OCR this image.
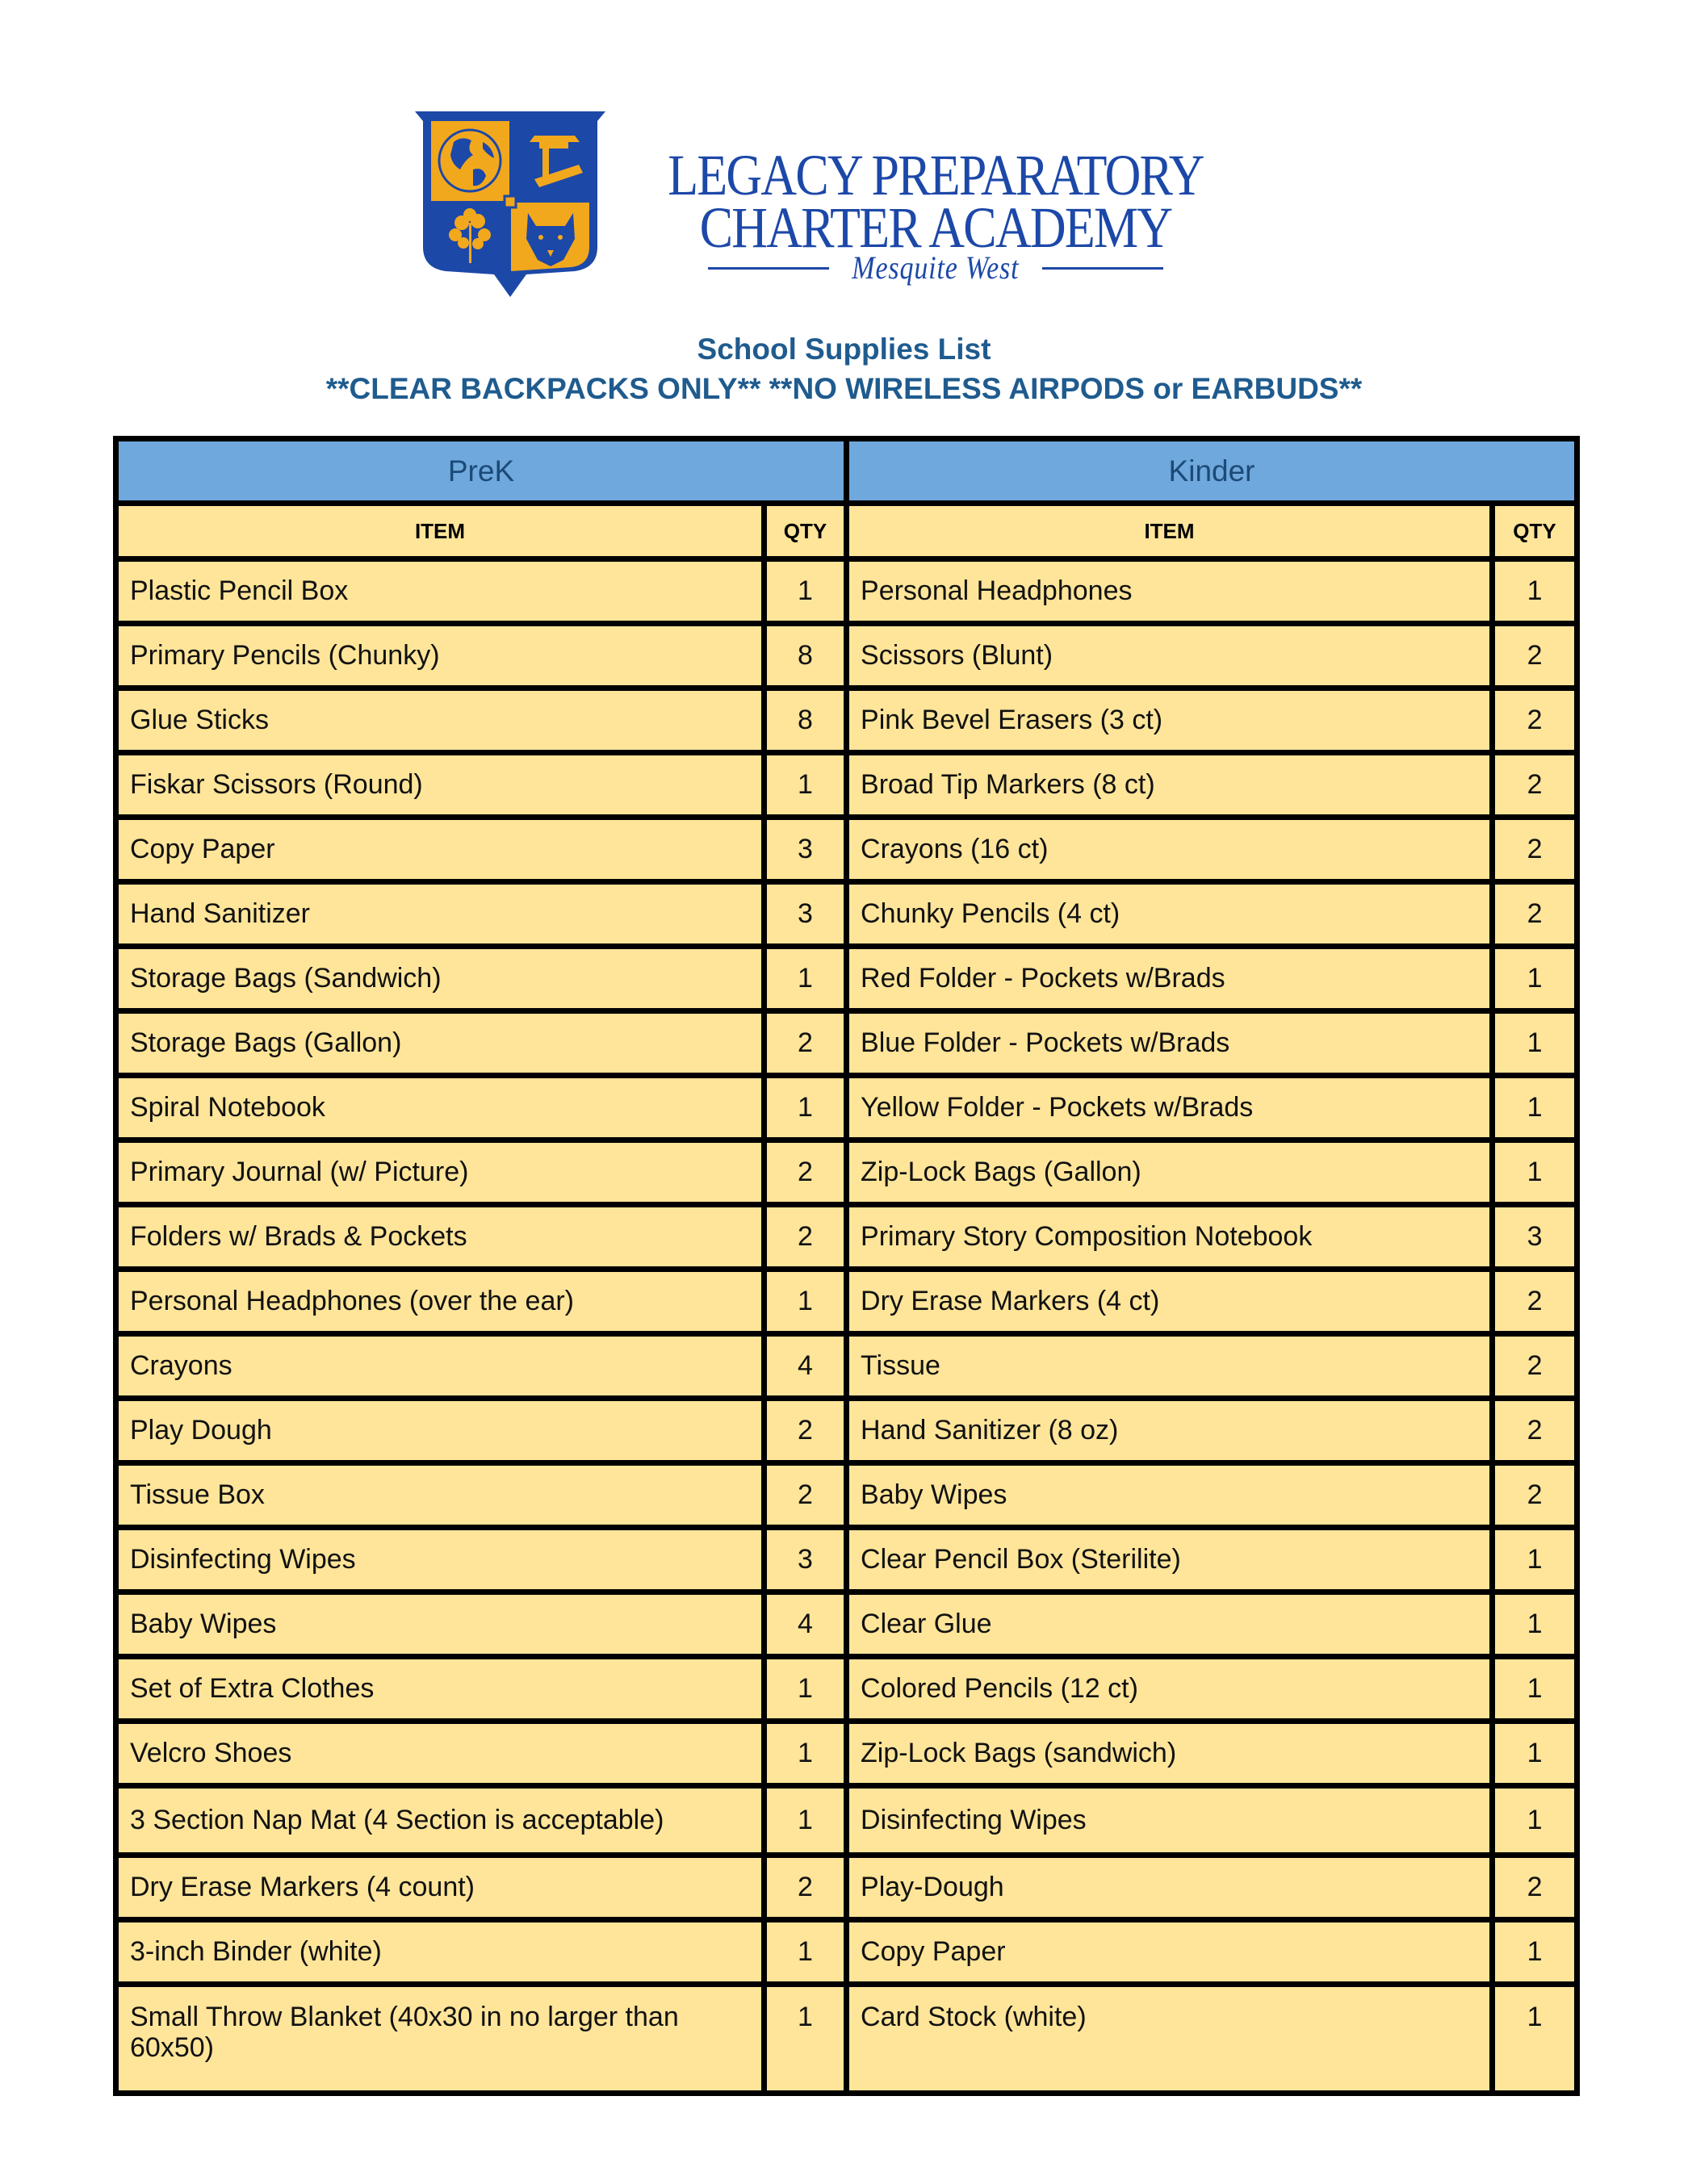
LEGACY PREPARATORY
CHARTER ACADEMY
Mesquite West
School Supplies List
**CLEAR BACKPACKS ONLY** **NO WIRELESS AIRPODS or EARBUDS**
PreK		Kinder	
ITEM	QTY	ITEM	QTY
Plastic Pencil Box	1	Personal Headphones	1
Primary Pencils (Chunky)	8	Scissors (Blunt)	2
Glue Sticks	8	Pink Bevel Erasers (3 ct)	2
Fiskar Scissors (Round)	1	Broad Tip Markers (8 ct)	2
Copy Paper	3	Crayons (16 ct)	2
Hand Sanitizer	3	Chunky Pencils (4 ct)	2
Storage Bags (Sandwich)	1	Red Folder - Pockets w/Brads	1
Storage Bags (Gallon)	2	Blue Folder - Pockets w/Brads	1
Spiral Notebook	1	Yellow Folder - Pockets w/Brads	1
Primary Journal (w/ Picture)	2	Zip-Lock Bags (Gallon)	1
Folders w/ Brads & Pockets	2	Primary Story Composition Notebook	3
Personal Headphones (over the ear)	1	Dry Erase Markers (4 ct)	2
Crayons	4	Tissue	2
Play Dough	2	Hand Sanitizer (8 oz)	2
Tissue Box	2	Baby Wipes	2
Disinfecting Wipes	3	Clear Pencil Box (Sterilite)	1
Baby Wipes	4	Clear Glue	1
Set of Extra Clothes	1	Colored Pencils (12 ct)	1
Velcro Shoes	1	Zip-Lock Bags (sandwich)	1
3 Section Nap Mat (4 Section is acceptable)	1	Disinfecting Wipes	1
Dry Erase Markers (4 count)	2	Play-Dough	2
3-inch Binder (white)	1	Copy Paper	1
Small Throw Blanket (40x30 in no larger than 60x50)	1	Card Stock (white)	1
